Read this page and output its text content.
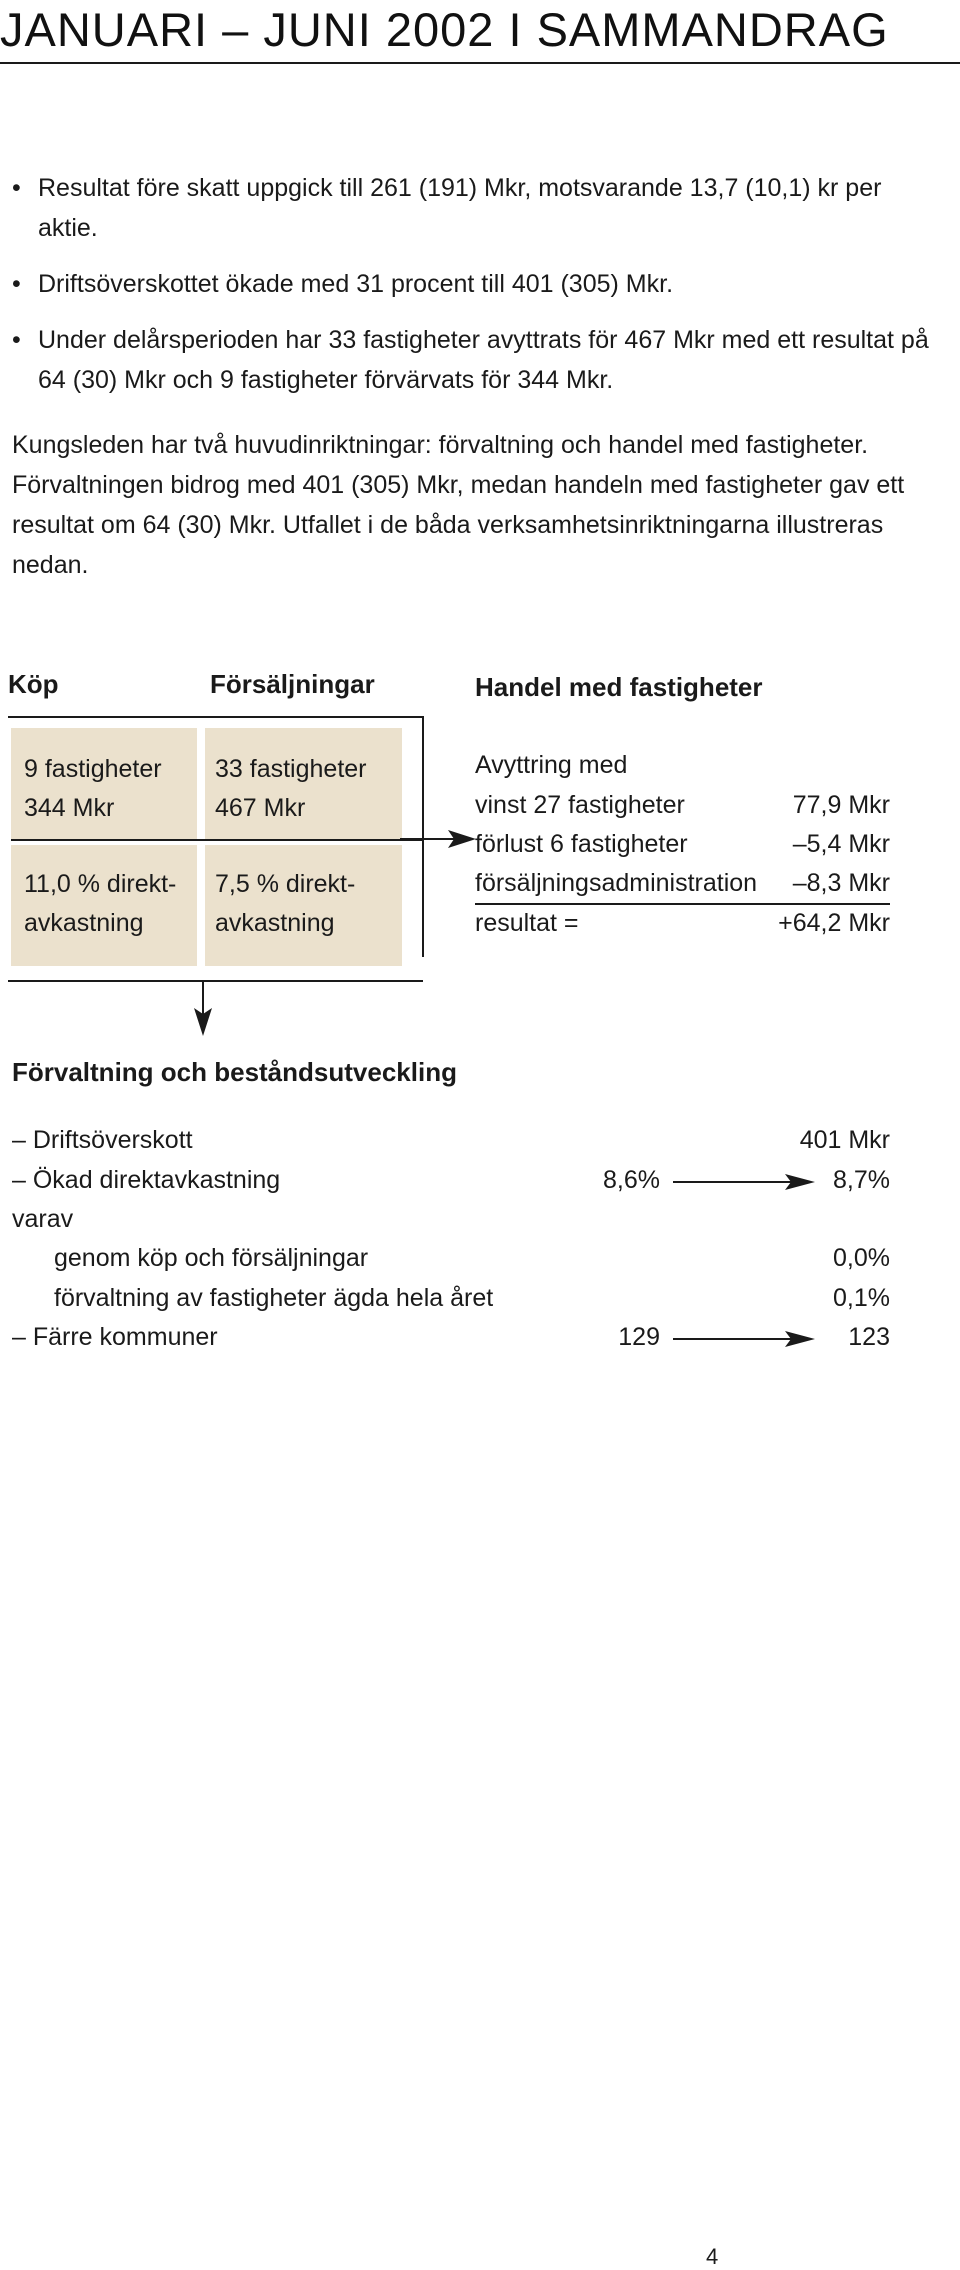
JANUARI – JUNI 2002 I SAMMANDRAG
• Resultat före skatt uppgick till 261 (191) Mkr, motsvarande 13,7 (10,1) kr per aktie.
• Driftsöverskottet ökade med 31 procent till 401 (305) Mkr.
• Under delårsperioden har 33 fastigheter avyttrats för 467 Mkr med ett resultat på 64 (30) Mkr och 9 fastigheter förvärvats för 344 Mkr.

Kungsleden har två huvudinriktningar: förvaltning och handel med fastigheter. Förvaltningen bidrog med 401 (305) Mkr, medan handeln med fastigheter gav ett resultat om 64 (30) Mkr. Utfallet i de båda verksamhetsinriktningarna illustreras nedan.

Köp	Försäljningar	Handel med fastigheter
9 fastigheter
344 Mkr
11,0 % direkt-
avkastning
33 fastigheter
467 Mkr
7,5 % direkt-
avkastning
Avyttring med
vinst 27 fastigheter	77,9 Mkr
förlust 6 fastigheter	–5,4 Mkr
försäljningsadministration	–8,3 Mkr
resultat =	+64,2 Mkr
Förvaltning och beståndsutveckling
– Driftsöverskott	401 Mkr
– Ökad direktavkastning	8,6%	8,7%
varav
genom köp och försäljningar	0,0%
förvaltning av fastigheter ägda hela året	0,1%
– Färre kommuner	129	123
4
